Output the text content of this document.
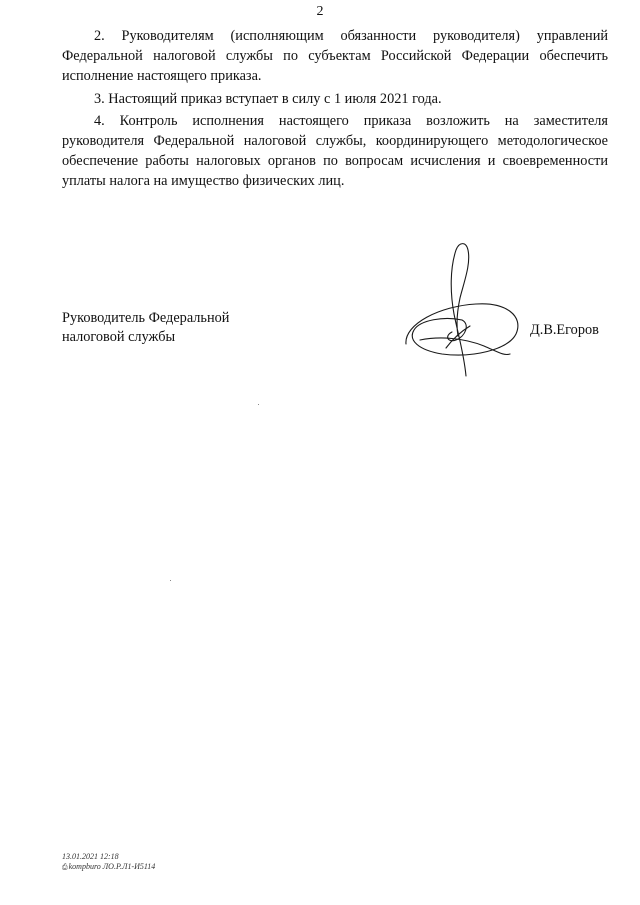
2

2. Руководителям (исполняющим обязанности руководителя) управлений Федеральной налоговой службы по субъектам Российской Федерации обеспечить исполнение настоящего приказа.

3. Настоящий приказ вступает в силу с 1 июля 2021 года.

4. Контроль исполнения настоящего приказа возложить на заместителя руководителя Федеральной налоговой службы, координирующего методологическое обеспечение работы налоговых органов по вопросам исчисления и своевременности уплаты налога на имущество физических лиц.

Руководитель Федеральной
налоговой службы	Д.В.Егоров
13.01.2021 12:18
⎙kompburo ЛО.Р.Л1-И5114
